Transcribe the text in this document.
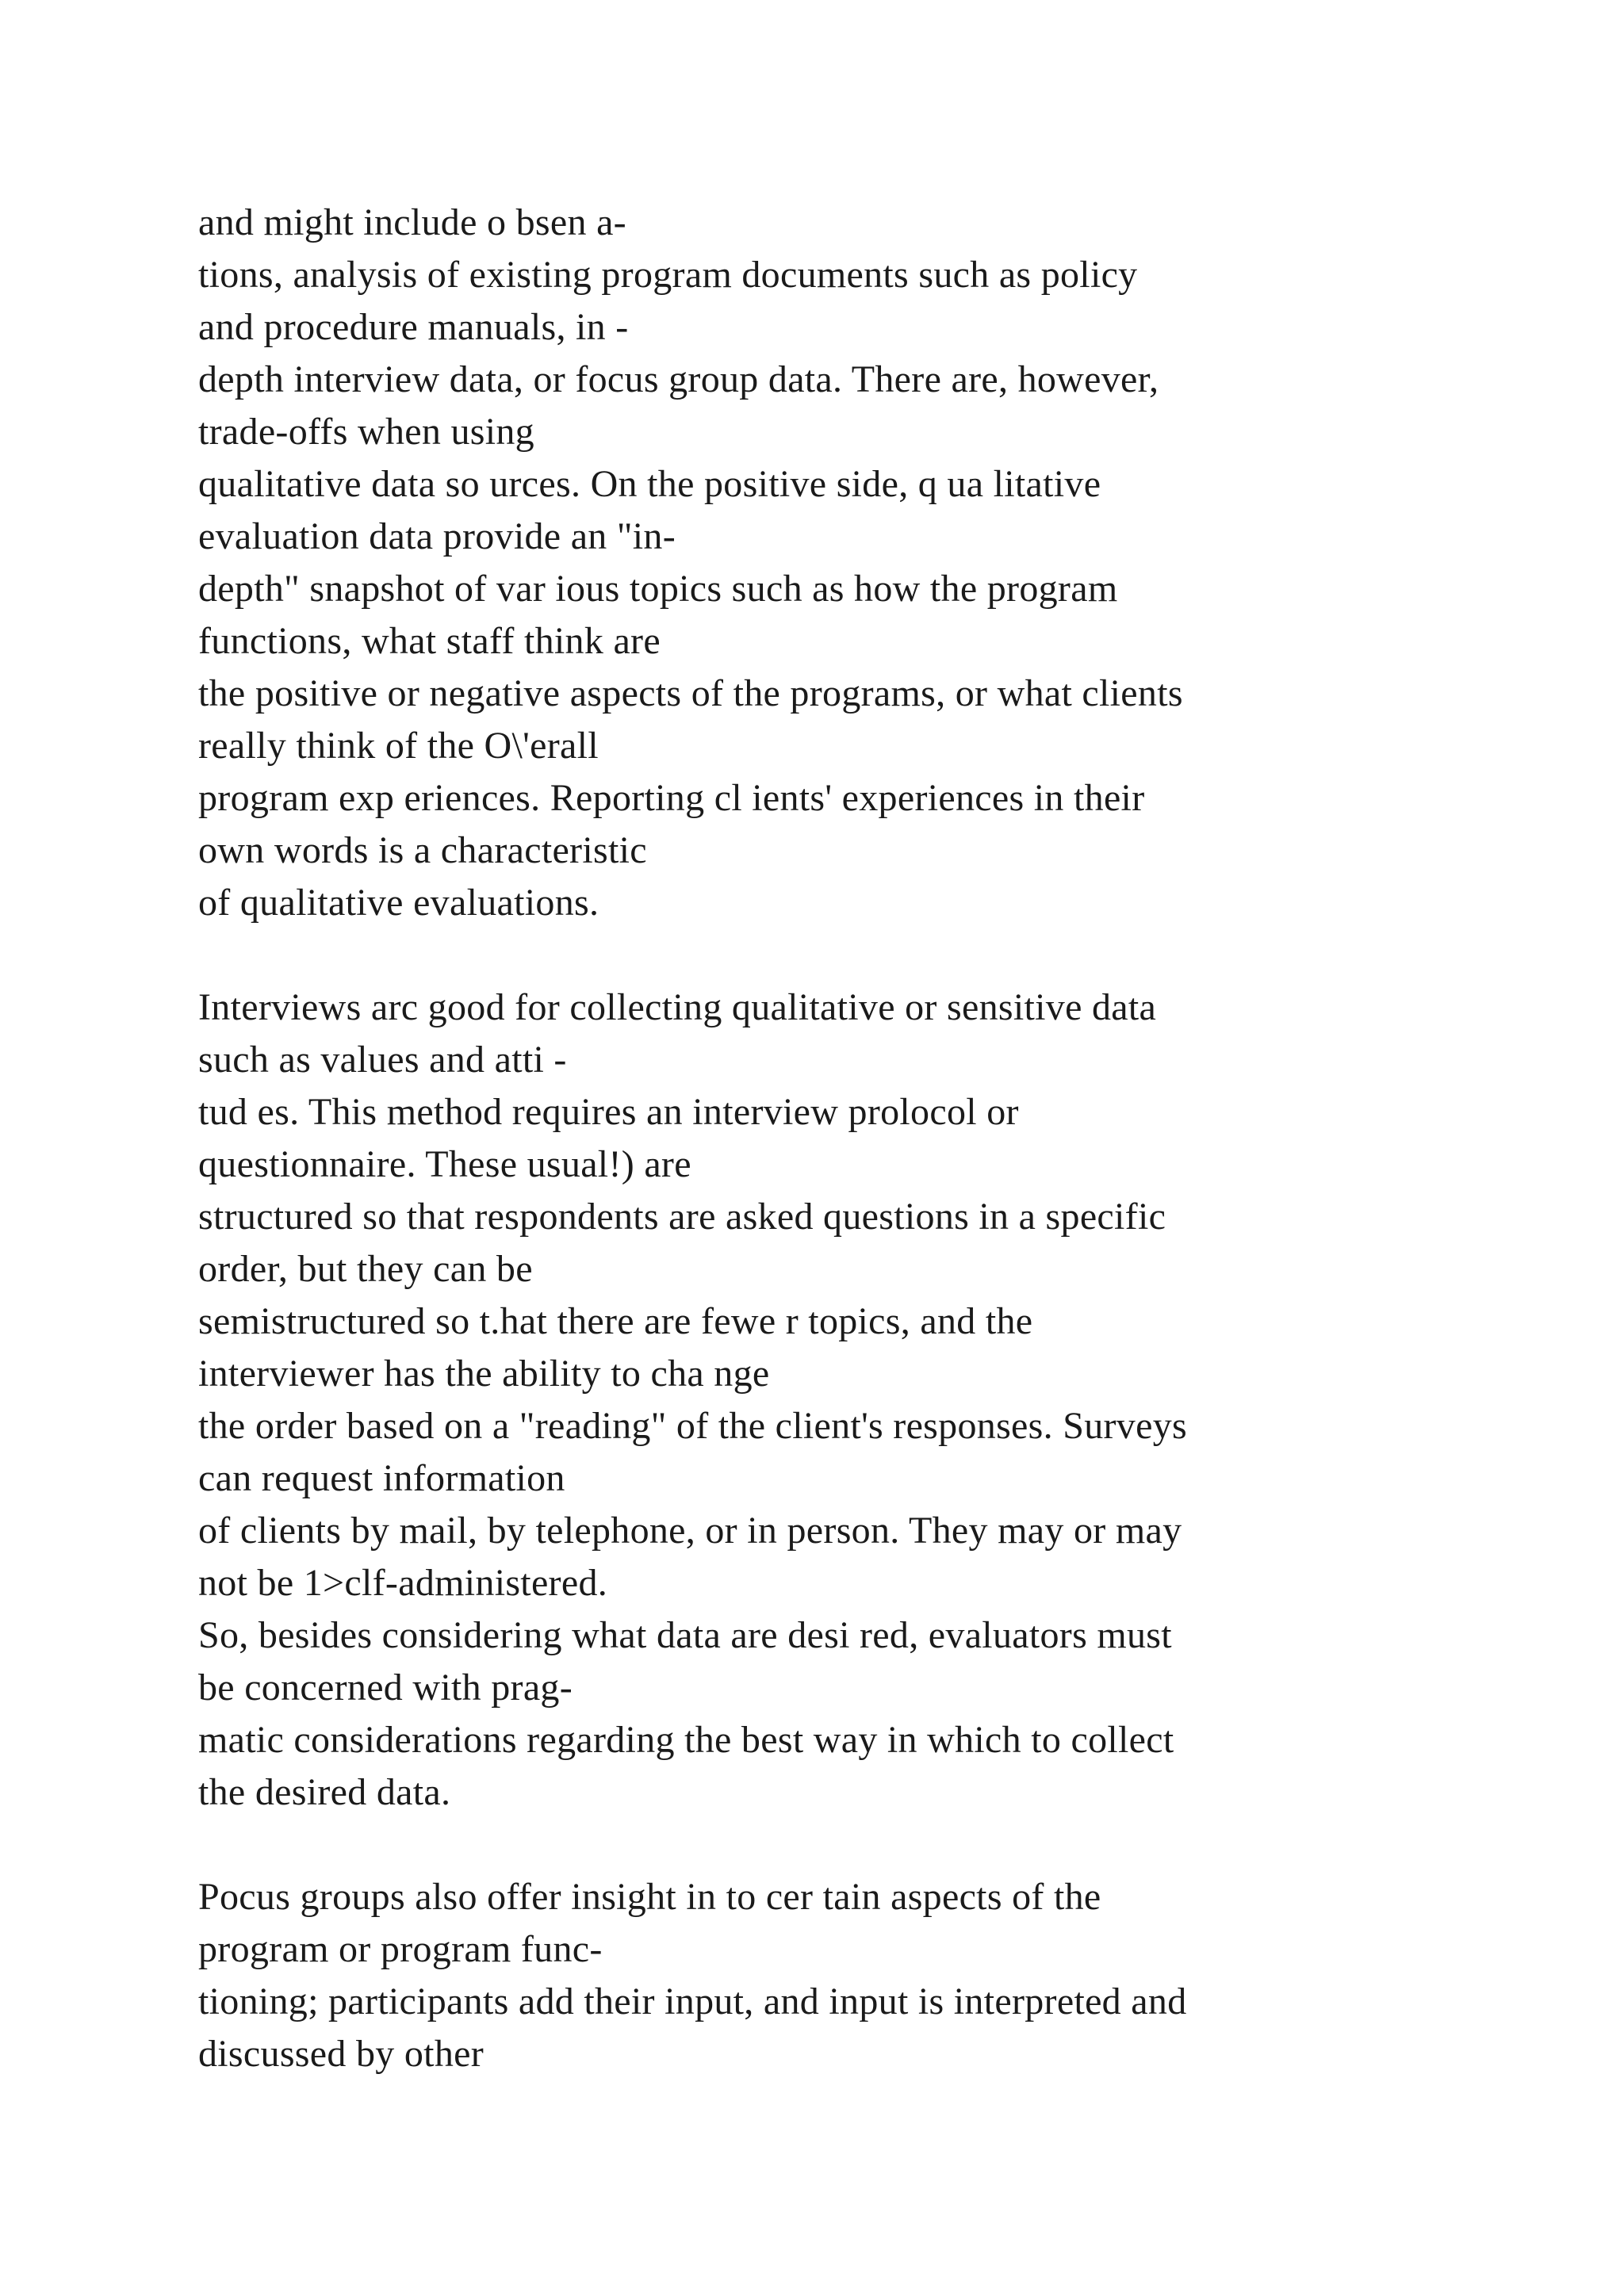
and might include o bsen a-
tions, analysis of existing program documents such as policy
and procedure manuals, in -
depth interview data, or focus group data. There are, however,
trade-offs when using
qualitative data so urces. On the positive side, q ua litative
evaluation data provide an "in-
depth" snapshot of var ious topics such as how the program
functions, what staff think are
the positive or negative aspects of the programs, or what clients
really think of the O\'erall
program exp eriences. Reporting cl ients' experiences in their
own words is a characteristic
of qualitative evaluations.
Interviews arc good for collecting qualitative or sensitive data
such as values and atti -
tud es. This method requires an interview prolocol or
questionnaire. These usual!) are
structured so that respondents are asked questions in a specific
order, but they can be
semistructured so t.hat there are fewe r topics, and the
interviewer has the ability to cha nge
the order based on a "reading" of the client's responses. Surveys
can request information
of clients by mail, by telephone, or in person. They may or may
not be 1>clf-administered.
So, besides considering what data are desi red, evaluators must
be concerned with prag-
matic considerations regarding the best way in which to collect
the desired data.
Pocus groups also offer insight in to cer tain aspects of the
program or program func-
tioning; participants add their input, and input is interpreted and
discussed by other
